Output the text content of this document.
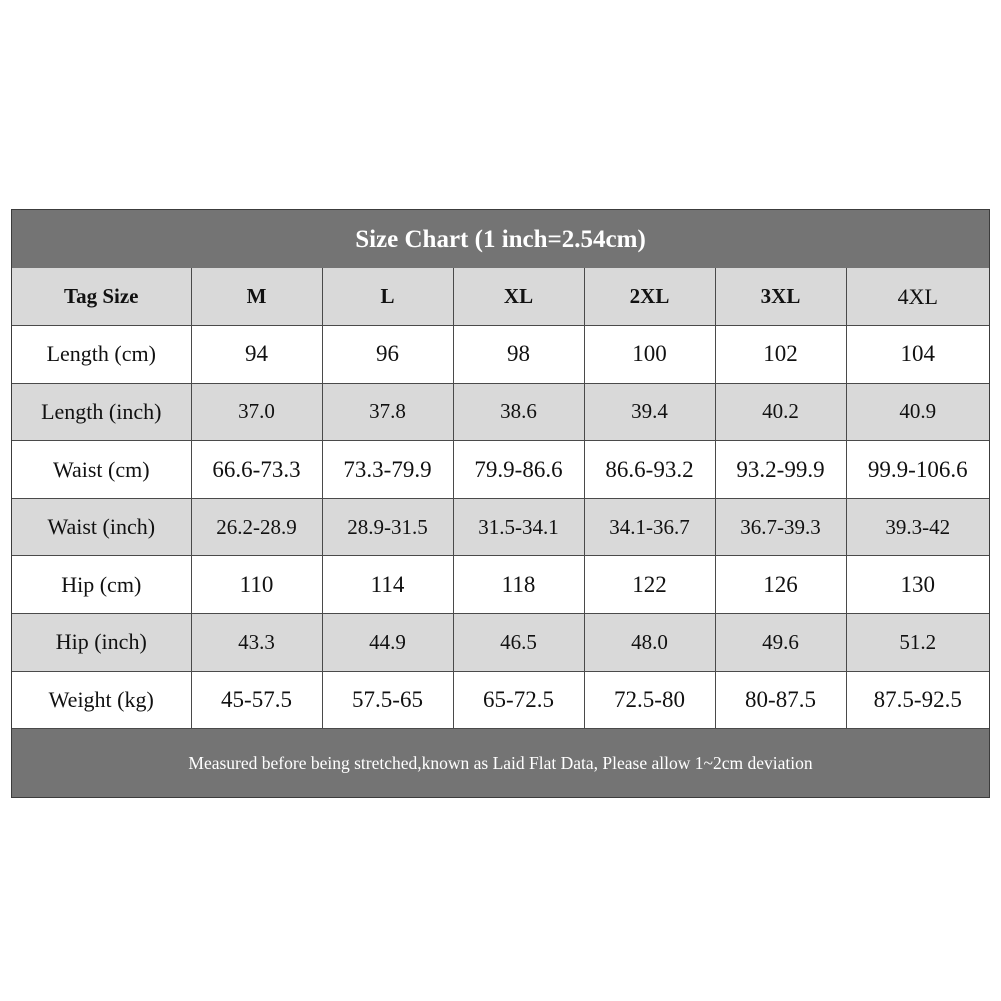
Size Chart (1 inch=2.54cm)
Tag Size	M	L	XL	2XL	3XL	4XL
Length (cm)	94	96	98	100	102	104
Length (inch)	37.0	37.8	38.6	39.4	40.2	40.9
Waist (cm)	66.6-73.3	73.3-79.9	79.9-86.6	86.6-93.2	93.2-99.9	99.9-106.6
Waist (inch)	26.2-28.9	28.9-31.5	31.5-34.1	34.1-36.7	36.7-39.3	39.3-42
Hip (cm)	110	114	118	122	126	130
Hip (inch)	43.3	44.9	46.5	48.0	49.6	51.2
Weight (kg)	45-57.5	57.5-65	65-72.5	72.5-80	80-87.5	87.5-92.5
Measured before being stretched,known as Laid Flat Data, Please allow 1~2cm deviation
